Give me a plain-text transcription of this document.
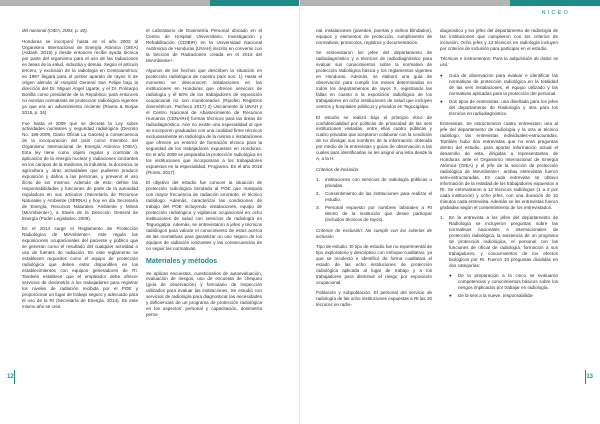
del nacional (OIEA, 2004, p. 40).

Honduras se incorporó hasta en el año 2003 al Organismo Internacional de Energía Atómica (OIEA) (Aldash, 2015) y desde entonces recibe ayuda técnica por parte del organismo para el uso de las radiaciones en áreas de la salud, industria y demás. Según el artículo tercero, y exclusión de la radiología en Centroamérica; en 1997 llegará para el primer aparato de rayos X de origen alemán al Hospital General San Felipe bajo la dirección del Dr. Miguel Ángel Ugarte, y el Dr. Policarpo Bonilla como presidente de la República; para entonces no existían normativas de protección radiológica vigentes ya que era un advenimiento reciente (Rivera & Borjas 2015, p. 34).

Fue hasta el 2009 que se decreta la Ley sobre actividades nucleares y seguridad radiológica (Decreto No. 195-2009, Diario Oficial La Gaceta) a consecuencia de la incorporación del país como miembro del Organismo Internacional de Energía Atómica (OIEA). Esta ley tiene como objeto regular y controlar la aplicación de la energía nuclear y radiaciones ionizantes en los campos de la medicina, la industria, la docencia, la agricultura y otras actividades que pudieren producir exposición y daños a las personas, y prevenir el uso ilícito de los mismos. Además de esto, define las responsabilidades y funciones de parte de la autoridad reguladora en sus artículos (Secretaría de Recursos Naturales y Ambiente (SERNA) y hoy en día Secretaría de Energía, Recursos Naturales, Ambiente y Minas (MiAmbiente+), a través de la Dirección General de Energía (Poder Legislativo, 2009).

En el 2014 surge el Reglamento de Protección Radiológica de MiAmbiente+, este regula las exposiciones ocupacionales del paciente y público que se generan como el resultado del cualquier actividad o uso de fuentes de radiación. En este reglamento se establecen requisitos como el equipo de protección radiológica que deben estar disponibles en los establecimientos con equipos generadores de RI. También establece que el empleador debe ofrecer servicios de dosimetría a los trabajadores para registrar los niveles de radiación recibida por el POE y proporcionar un lugar de trabajo seguro y adecuado para el uso de la RI (Secretaría de Energía, 2014). En este mismo año se crea

el Laboratorio de Dosimetría Personal ubicado en el Centro de Hospital Universitario, Investigación y Rehabilitación (CDIBIR) en la Universidad Nacional Autónoma de Honduras (UNAH) inscrito en convenio con la Sección de Radiaciones creada en el 2016 del MiAmbiente+.

Algunos de los hechos que describen la situación en protección radiológica de nuestro país son: 1) Hasta el momento se desconocen instalaciones en las instituciones en Honduras que ofrecen servicios de radiología y el 60% de los trabajadores de exposición ocupacional no son monitoreados (Ripolen Registros dosimétricos, Pacheco 2017) 2) Únicamente la UNAH y el Centro Nacional de Abastecimiento de Recursos Humanos (CENARH) forman técnicos para las áreas de radiodiagnóstico. Aún no existe una especialidad al que se incorporen graduados con una cualidad firme técnicos exclusivamente en radiología de la misma o instalaciones que ofrecen un entorno de formación técnico para la seguridad de los trabajadores expuestos en Honduras. En el año 2009 se preparaba la protección radiológica en los instituciones que incorporaran a los trabajadores expuestos en la especialidad, Programa. En el año 2018 (Flores, 2017).

El objetivo del estudio fue conocer la situación de protección radiológica brindada al POE que manipula con mayor frecuencia de radiación ionizante, el técnico radiólogo. Además, caracterizar las condiciones de trabajo del POE incluyendo instalaciones, equipo de protección radiológica y vigilancia ocupacional en ocho instituciones de salud con servicios de radiología en Tegucigalpa. Además, se entrevistaron a jefes y técnicos radiólogos para valorar el conocimiento de estos acerca de las normativas para garantizar un uso seguro de los equipos de radiación ionizantes y las consecuencias de no seguir las normativas.

Materiales y métodos

Se aplican encuestas, cuestionarios de autoevaluación, evaluación de riesgos, uso de encuesta de chequeo (guía de observación) y formulario de inspección utilizados para evaluar las instituciones. Se estudió con servicios de radiología para diagnosticar las necesidades y deficiencias de un programa de protección radiológica en los aspectos: personal y capacitación, dosimetría perso-

12
NICEO

nal, instalaciones (paredes, puertas y vidrios blindados), equipos y elementos de protección, cumplimiento de normativas, protocolos, registros y documentación.

Se entrevistaron los jefes del departamento de radiodiagnóstico y a técnicos de radiodiagnóstico para evaluar sus conocimientos sobre la normativa de protección radiológica básica y los reglamentos vigentes en Honduras. Además, se elaboró una guía de observación para cumplir los meses determinados en todos los departamentos de rayos X, registrando las fallas en cuanto a la exposición radiológica de los trabajadores en ocho instituciones de salud que incluyen centros y hospitales públicos y privados en Tegucigalpa.

El estudio se realizó bajo el principio ético de confidencialidad por políticas de privacidad de las seis instituciones visitadas, entre ellas cuatro públicas y cuatro privadas que aceptaron colaborar con la condición de no divulgar sus nombres de la información obtenida por medio de la entrevistas y guías de observación a las cuales para identificarlas se les asignó una letra desde la A, a la H.

Criterios de inclusión

1.	Instituciones con servicios de radiología públicas o privadas.
2.	Consentimiento de las instituciones para realizar el estudio.
3.	Personal expuesto por nombres laborales a RI dentro de la institución que desee participar (incluidos técnicos de rayos).

Criterios de exclusión: No cumplir con los criterios de inclusión

Tipo de estudio. El tipo de estudio fue no experimental de tipo exploratorio y descriptivo con enfoque cualitativo, ya que se recolectó e identificó de forma cualitativa el estado de las ocho instituciones de protección radiológica aplicada al lugar de trabajo y a los trabajadores para disminuir el riesgo por exposición ocupacional.

Población y subpoblación. El personal del servicio de radiología de las ocho instituciones expuestas a RI las 20 técnicos en radio-

diagnóstico y los jefes del departamento de radiología de las instituciones que cumplieron con los criterios de inclusión. Ocho jefes y 13 técnicos en radiología incluyen por criterios de inclusión para participar en el estudio.

Técnicas e instrumentos: Para la adquisición de datos se usó:

●	Guía de observación para evaluar e identificar las normativas de protección radiológica en la totalidad de las seis instalaciones, el equipo utilizado y las normativas aplicadas para la protección del personal.
●	Dos tipos de entrevistas: una diseñada para los jefes del departamento de Radiología y otra para los técnicos en radiodiagnóstico.

Entrevistas. Se estructuraron cuatro entrevistas: una al jefe del departamento de radiología y la otra al técnico radiólogo, las entrevistas individuales-estructuradas. También hubo dos entrevistas que no eran preguntas dentro del estudio, para aportar información actual el desarrollo de esta, dirigidas a representantes de Honduras ante el Organismo Internacional de Energía Atómica (OIEA) y el jefe de la sección de protección radiológica de MiAmbiente+, ambas entrevistas fueron semi-estructuradas. En cada entrevista se obtuvo información de la realidad de los trabajadores expuestos a RI. Se entrevistaron a 12 técnicos radiólogos (1 a 2 por cada institución) y ocho jefes, con una duración de 10 minutos cada entrevista. Además se les entrevistas fueron grabadas según el consentimiento de los entrevistados.

1.	En la entrevista a los jefes del departamento de Radiología se incluyeron preguntas sobre las normativas nacionales e internacionales de protección radiológica, la existencia de un programa de protección radiológica, el personal con las funciones de oficial de radiología, formación a sus trabajadores, y conocimientos de los efectos biológicos por RI. Fueron 10 preguntas divididas en dos categorías:
●	De la preparación a la cinco se evaluaron competencias y conocimientos básicos sobre los riesgos implicados por trabajar en radiología.
●	De la seis a la nueve, responsabilida-
13
